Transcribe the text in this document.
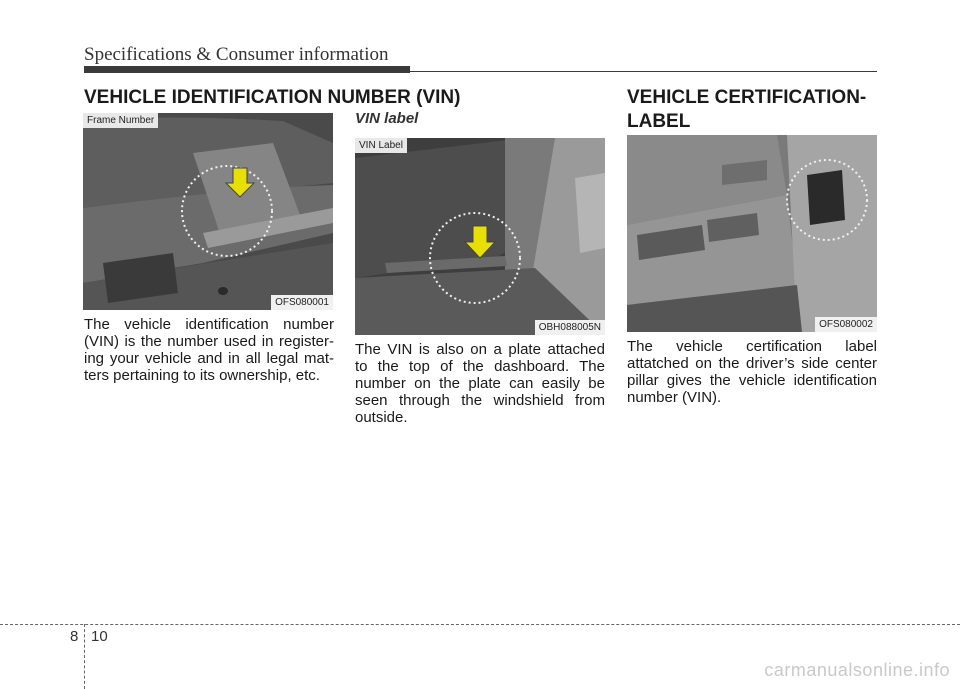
Specifications & Consumer information
VEHICLE IDENTIFICATION NUMBER (VIN)
Frame Number
OFS080001
The vehicle identification number (VIN) is the number used in register-ing your vehicle and in all legal mat-ters pertaining to its ownership, etc.
VIN label
VIN Label
OBH088005N
The VIN is also on a plate attached to the top of the dashboard. The number on the plate can easily be seen through the windshield from outside.
VEHICLE CERTIFICATION-
LABEL
OFS080002
The vehicle certification label attatched on the driver’s side center pillar gives the vehicle identification number (VIN).
8 10
carmanualsonline.info
